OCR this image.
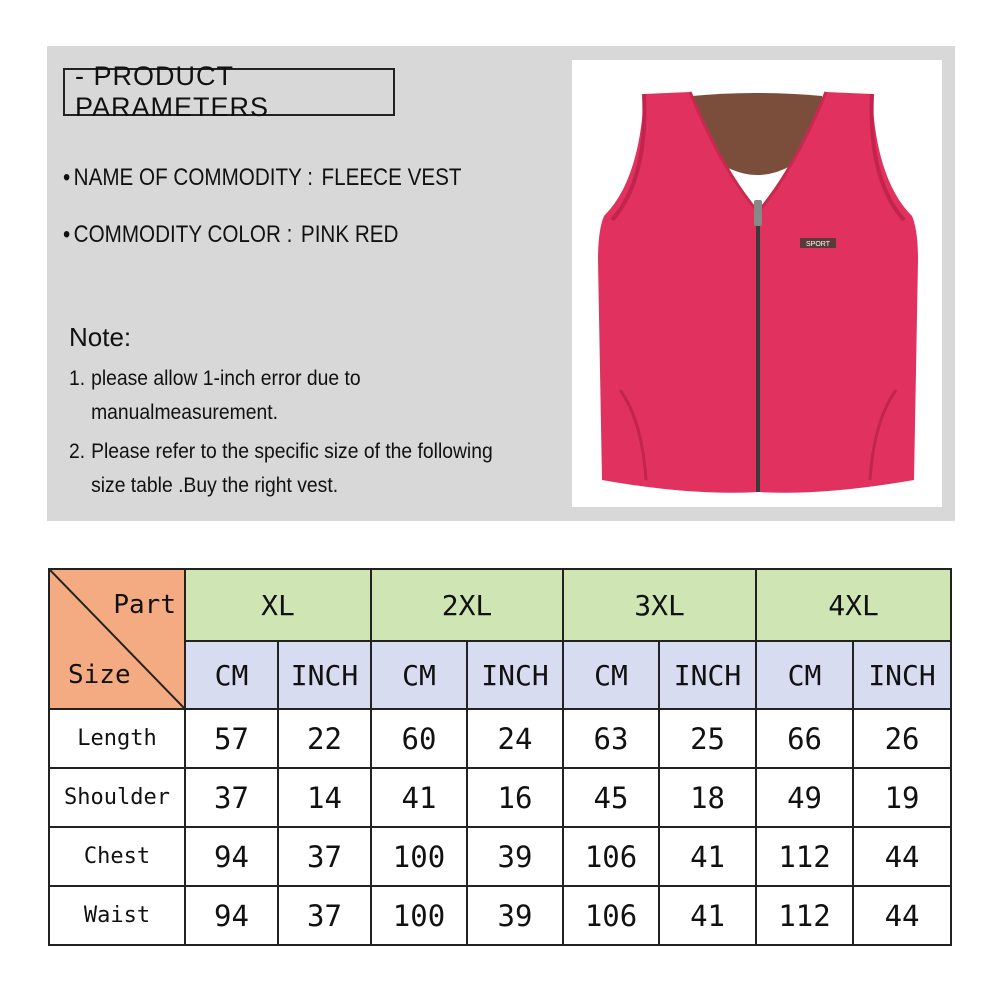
- PRODUCT PARAMETERS
• NAME OF COMMODITY : FLEECE VEST
• COMMODITY COLOR : PINK RED
Note:
1. please allow 1-inch error due to
manualmeasurement.
2. Please refer to the specific size of the following
size table .Buy the right vest.
SPORT
Part
Size	XL		2XL		3XL		4XL	
	CM	INCH	CM	INCH	CM	INCH	CM	INCH
Length	57	22	60	24	63	25	66	26
Shoulder	37	14	41	16	45	18	49	19
Chest	94	37	100	39	106	41	112	44
Waist	94	37	100	39	106	41	112	44
